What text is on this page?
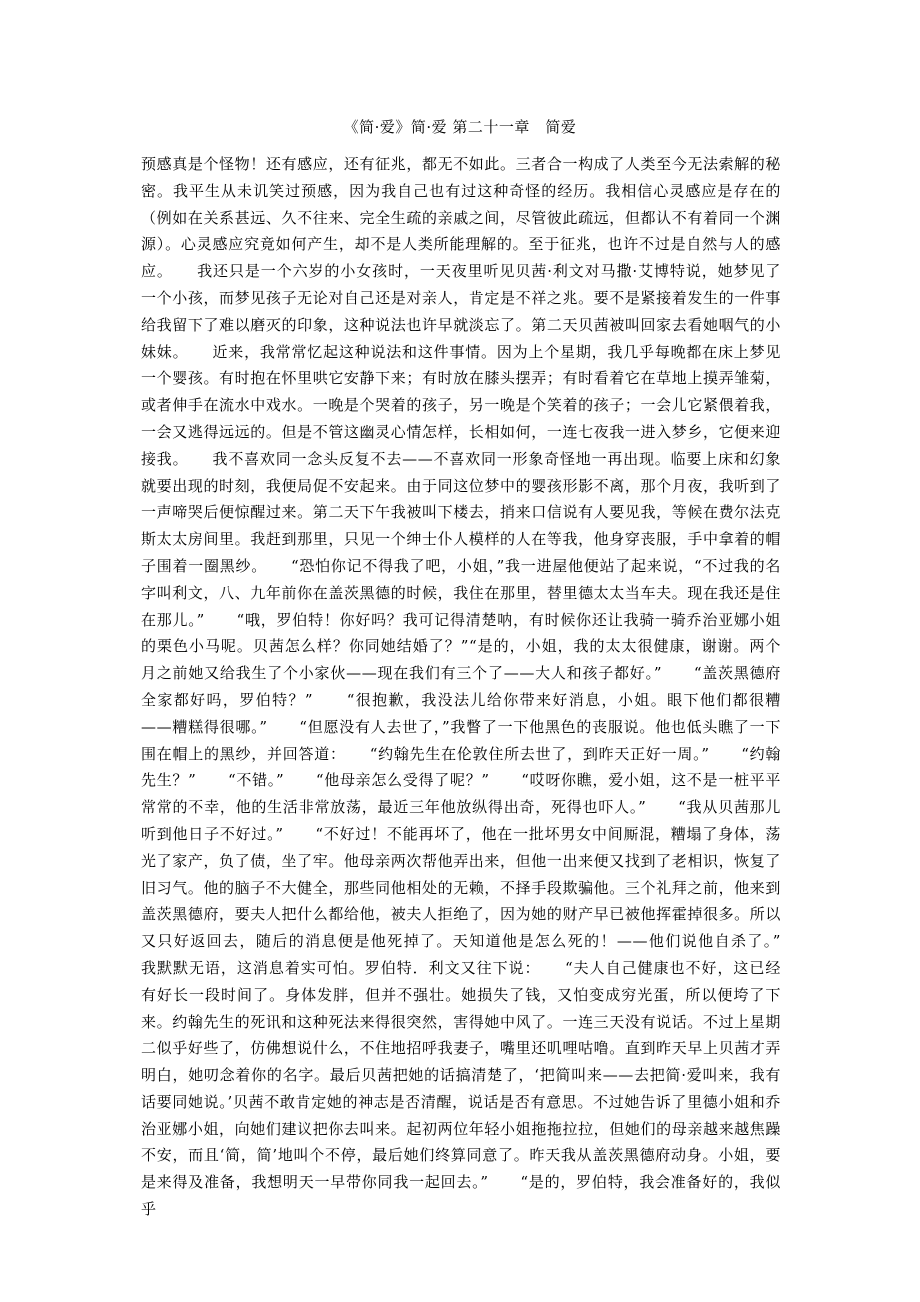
《简·爱》简·爱 第二十一章　简爱

预感真是个怪物！还有感应，还有征兆，都无不如此。三者合一构成了人类至今无法索解的秘密。我平生从未讥笑过预感，因为我自己也有过这种奇怪的经历。我相信心灵感应是存在的（例如在关系甚远、久不往来、完全生疏的亲戚之间，尽管彼此疏远，但都认不有着同一个渊源）。心灵感应究竟如何产生，却不是人类所能理解的。至于征兆，也许不过是自然与人的感应。　　我还只是一个六岁的小女孩时，一天夜里听见贝茜·利文对马撒·艾博特说，她梦见了一个小孩，而梦见孩子无论对自己还是对亲人，肯定是不祥之兆。要不是紧接着发生的一件事给我留下了难以磨灭的印象，这种说法也许早就淡忘了。第二天贝茜被叫回家去看她咽气的小妹妹。　　近来，我常常忆起这种说法和这件事情。因为上个星期，我几乎每晚都在床上梦见一个婴孩。有时抱在怀里哄它安静下来；有时放在膝头摆弄；有时看着它在草地上摸弄雏菊，或者伸手在流水中戏水。一晚是个哭着的孩子，另一晚是个笑着的孩子；一会儿它紧偎着我，一会又逃得远远的。但是不管这幽灵心情怎样，长相如何，一连七夜我一进入梦乡，它便来迎接我。　　我不喜欢同一念头反复不去——不喜欢同一形象奇怪地一再出现。临要上床和幻象就要出现的时刻，我便局促不安起来。由于同这位梦中的婴孩形影不离，那个月夜，我听到了一声啼哭后便惊醒过来。第二天下午我被叫下楼去，捎来口信说有人要见我，等候在费尔法克斯太太房间里。我赶到那里，只见一个绅士仆人模样的人在等我，他身穿丧服，手中拿着的帽子围着一圈黑纱。　　“恐怕你记不得我了吧，小姐，”我一进屋他便站了起来说，“不过我的名字叫利文，八、九年前你在盖茨黑德的时候，我住在那里，替里德太太当车夫。现在我还是住在那儿。”　　“哦，罗伯特！你好吗？我可记得清楚呐，有时候你还让我骑一骑乔治亚娜小姐的栗色小马呢。贝茜怎么样？你同她结婚了？”“是的，小姐，我的太太很健康，谢谢。两个月之前她又给我生了个小家伙——现在我们有三个了——大人和孩子都好。”　　“盖茨黑德府全家都好吗，罗伯特？”　　“很抱歉，我没法儿给你带来好消息，小姐。眼下他们都很糟——糟糕得很哪。”　　“但愿没有人去世了，”我瞥了一下他黑色的丧服说。他也低头瞧了一下围在帽上的黑纱，并回答道：　　“约翰先生在伦敦住所去世了，到昨天正好一周。”　　“约翰先生？”　　“不错。”　　“他母亲怎么受得了呢？”　　“哎呀你瞧，爱小姐，这不是一桩平平常常的不幸，他的生活非常放荡，最近三年他放纵得出奇，死得也吓人。”　　“我从贝茜那儿听到他日子不好过。”　　“不好过！不能再坏了，他在一批坏男女中间厮混，糟塌了身体，荡光了家产，负了债，坐了牢。他母亲两次帮他弄出来，但他一出来便又找到了老相识，恢复了旧习气。他的脑子不大健全，那些同他相处的无赖，不择手段欺骗他。三个礼拜之前，他来到盖茨黑德府，要夫人把什么都给他，被夫人拒绝了，因为她的财产早已被他挥霍掉很多。所以又只好返回去，随后的消息便是他死掉了。天知道他是怎么死的！——他们说他自杀了。”　　我默默无语，这消息着实可怕。罗伯特．利文又往下说：　　“夫人自己健康也不好，这已经有好长一段时间了。身体发胖，但并不强壮。她损失了钱，又怕变成穷光蛋，所以便垮了下来。约翰先生的死讯和这种死法来得很突然，害得她中风了。一连三天没有说话。不过上星期二似乎好些了，仿佛想说什么，不住地招呼我妻子，嘴里还叽哩咕噜。直到昨天早上贝茜才弄明白，她叨念着你的名字。最后贝茜把她的话搞清楚了，‘把简叫来——去把简·爱叫来，我有话要同她说。’贝茜不敢肯定她的神志是否清醒，说话是否有意思。不过她告诉了里德小姐和乔治亚娜小姐，向她们建议把你去叫来。起初两位年轻小姐拖拖拉拉，但她们的母亲越来越焦躁不安，而且‘简，简’地叫个不停，最后她们终算同意了。昨天我从盖茨黑德府动身。小姐，要是来得及准备，我想明天一早带你同我一起回去。”　　“是的，罗伯特，我会准备好的，我似乎
